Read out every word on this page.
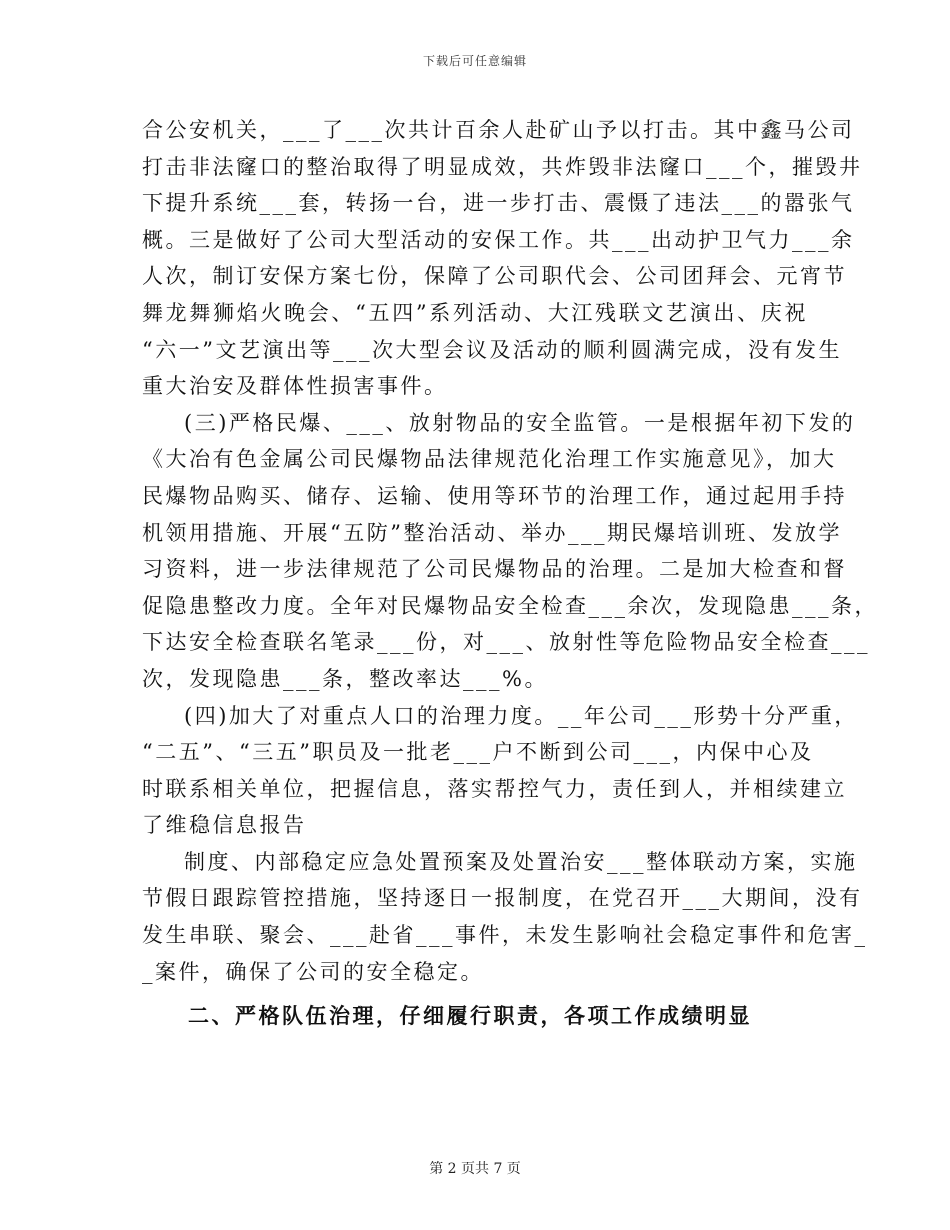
下载后可任意编辑
合公安机关，___了___次共计百余人赴矿山予以打击。其中鑫马公司
打击非法窿口的整治取得了明显成效，共炸毁非法窿口___个，摧毁井
下提升系统___套，转扬一台，进一步打击、震慑了违法___的嚣张气
概。三是做好了公司大型活动的安保工作。共___出动护卫气力___余
人次，制订安保方案七份，保障了公司职代会、公司团拜会、元宵节
舞龙舞狮焰火晚会、“五四”系列活动、大江残联文艺演出、庆祝
“六一”文艺演出等___次大型会议及活动的顺利圆满完成，没有发生
重大治安及群体性损害事件。
(三)严格民爆、___、放射物品的安全监管。一是根据年初下发的
《大冶有色金属公司民爆物品法律规范化治理工作实施意见》，加大
民爆物品购买、储存、运输、使用等环节的治理工作，通过起用手持
机领用措施、开展“五防”整治活动、举办___期民爆培训班、发放学
习资料，进一步法律规范了公司民爆物品的治理。二是加大检查和督
促隐患整改力度。全年对民爆物品安全检查___余次，发现隐患___条，
下达安全检查联名笔录___份，对___、放射性等危险物品安全检查___
次，发现隐患___条，整改率达___%。
(四)加大了对重点人口的治理力度。__年公司___形势十分严重，
“二五”、“三五”职员及一批老___户不断到公司___，内保中心及
时联系相关单位，把握信息，落实帮控气力，责任到人，并相续建立
了维稳信息报告
制度、内部稳定应急处置预案及处置治安___整体联动方案，实施
节假日跟踪管控措施，坚持逐日一报制度，在党召开___大期间，没有
发生串联、聚会、___赴省___事件，未发生影响社会稳定事件和危害_
_案件，确保了公司的安全稳定。
二、严格队伍治理，仔细履行职责，各项工作成绩明显
第 2 页共 7 页
